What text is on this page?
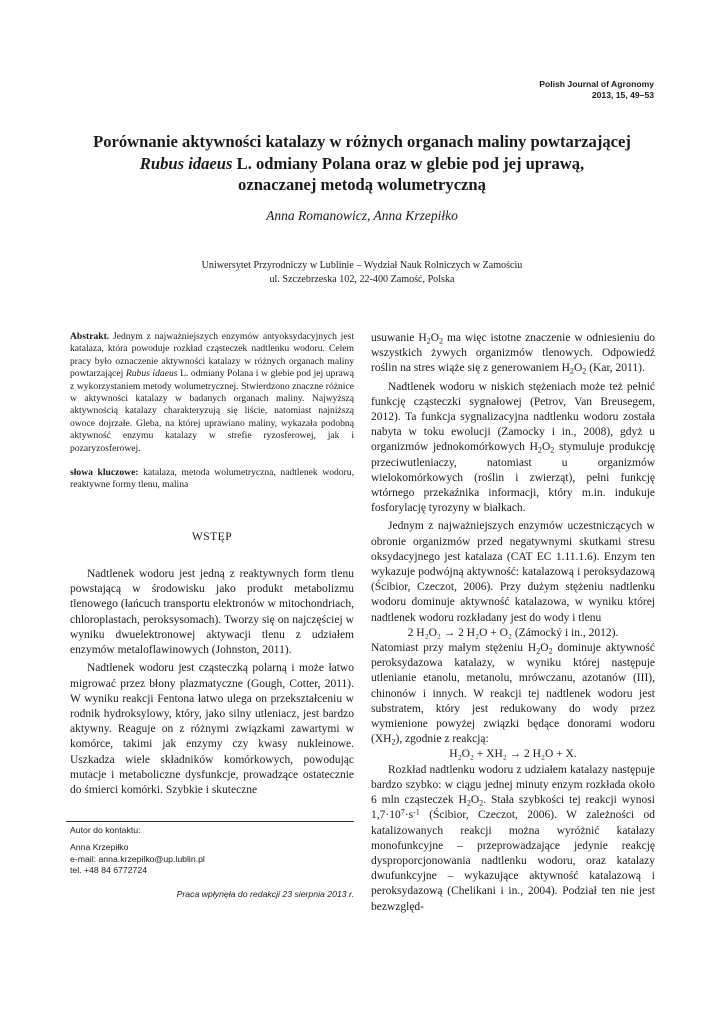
Polish Journal of Agronomy
2013, 15, 49–53
Porównanie aktywności katalazy w różnych organach maliny powtarzającej
Rubus idaeus L. odmiany Polana oraz w glebie pod jej uprawą,
oznaczanej metodą wolumetryczną
Anna Romanowicz, Anna Krzepiłko
Uniwersytet Przyrodniczy w Lublinie – Wydział Nauk Rolniczych w Zamościu
ul. Szczebrzeska 102, 22-400 Zamość, Polska

Abstrakt. Jednym z najważniejszych enzymów antyoksydacyjnych jest katalaza, która powoduje rozkład cząsteczek nadtlenku wodoru. Celem pracy było oznaczenie aktywności katalazy w różnych organach maliny powtarzającej Rubus idaeus L. odmiany Polana i w glebie pod jej uprawą z wykorzystaniem metody wolumetrycznej. Stwierdzono znaczne różnice w aktywności katalazy w badanych organach maliny. Najwyższą aktywnością katalazy charakteryzują się liście, natomiast najniższą owoce dojrzałe. Gleba, na której uprawiano maliny, wykazała podobną aktywność enzymu katalazy w strefie ryzosferowej, jak i pozaryzosferowej.

słowa kluczowe: katalaza, metoda wolumetryczna, nadtlenek wodoru, reaktywne formy tlenu, malina

WSTĘP

Nadtlenek wodoru jest jedną z reaktywnych form tlenu powstającą w środowisku jako produkt metabolizmu tlenowego (łańcuch transportu elektronów w mitochondriach, chloroplastach, peroksysomach). Tworzy się on najczęściej w wyniku dwuelektronowej aktywacji tlenu z udziałem enzymów metaloflawinowych (Johnston, 2011).

Nadtlenek wodoru jest cząsteczką polarną i może łatwo migrować przez błony plazmatyczne (Gough, Cotter, 2011). W wyniku reakcji Fentona łatwo ulega on przekształceniu w rodnik hydroksylowy, który, jako silny utleniacz, jest bardzo aktywny. Reaguje on z różnymi związkami zawartymi w komórce, takimi jak enzymy czy kwasy nukleinowe. Uszkadza wiele składników komórkowych, powodując mutacje i metaboliczne dysfunkcje, prowadzące ostatecznie do śmierci komórki. Szybkie i skuteczne

usuwanie $H_2O_2$ ma więc istotne znaczenie w odniesieniu do wszystkich żywych organizmów tlenowych. Odpowiedź roślin na stres wiąże się z generowaniem $H_2O_2$ (Kar, 2011).

Nadtlenek wodoru w niskich stężeniach może też pełnić funkcję cząsteczki sygnałowej (Petrov, Van Breusegem, 2012). Ta funkcja sygnalizacyjna nadtlenku wodoru została nabyta w toku ewolucji (Zamocky i in., 2008), gdyż u organizmów jednokomórkowych $H_2O_2$ stymuluje produkcję przeciwutleniaczy, natomiast u organizmów wielokomórkowych (roślin i zwierząt), pełni funkcję wtórnego przekaźnika informacji, który m.in. indukuje fosforylację tyrozyny w białkach.

Jednym z najważniejszych enzymów uczestniczących w obronie organizmów przed negatywnymi skutkami stresu oksydacyjnego jest katalaza (CAT EC 1.11.1.6). Enzym ten wykazuje podwójną aktywność: katalazową i peroksydazową (Ścibior, Czeczot, 2006). Przy dużym stężeniu nadtlenku wodoru dominuje aktywność katalazowa, w wyniku której nadtlenek wodoru rozkładany jest do wody i tlenu

2 H₂O₂ → 2 H₂O + O₂ (Zámocký i in., 2012).

Natomiast przy małym stężeniu $H_2O_2$ dominuje aktywność peroksydazowa katalazy, w wyniku której następuje utlenianie etanolu, metanolu, mrówczanu, azotanów (III), chinonów i innych. W reakcji tej nadtlenek wodoru jest substratem, który jest redukowany do wody przez wymienione powyżej związki będące donorami wodoru $(XH_2)$, zgodnie z reakcją:

H₂O₂ + XH₂ → 2 H₂O + X.

Rozkład nadtlenku wodoru z udziałem katalazy następuje bardzo szybko: w ciągu jednej minuty enzym rozkłada około 6 mln cząsteczek $H_2O_2$. Stała szybkości tej reakcji wynosi $1,7\cdot 10^7\cdot s^{-1}$ (Ścibior, Czeczot, 2006). W zależności od katalizowanych reakcji można wyróżnić katalazy monofunkcyjne – przeprowadzające jedynie reakcję dysproporcjonowania nadtlenku wodoru, oraz katalazy dwufunkcyjne – wykazujące aktywność katalazową i peroksydazową (Chelikani i in., 2004). Podział ten nie jest bezwzględ-

Autor do kontaktu:
Anna Krzepiłko
e-mail: anna.krzepilko@up.lublin.pl
tel. +48 84 6772724
Praca wpłynęła do redakcji 23 sierpnia 2013 r.
